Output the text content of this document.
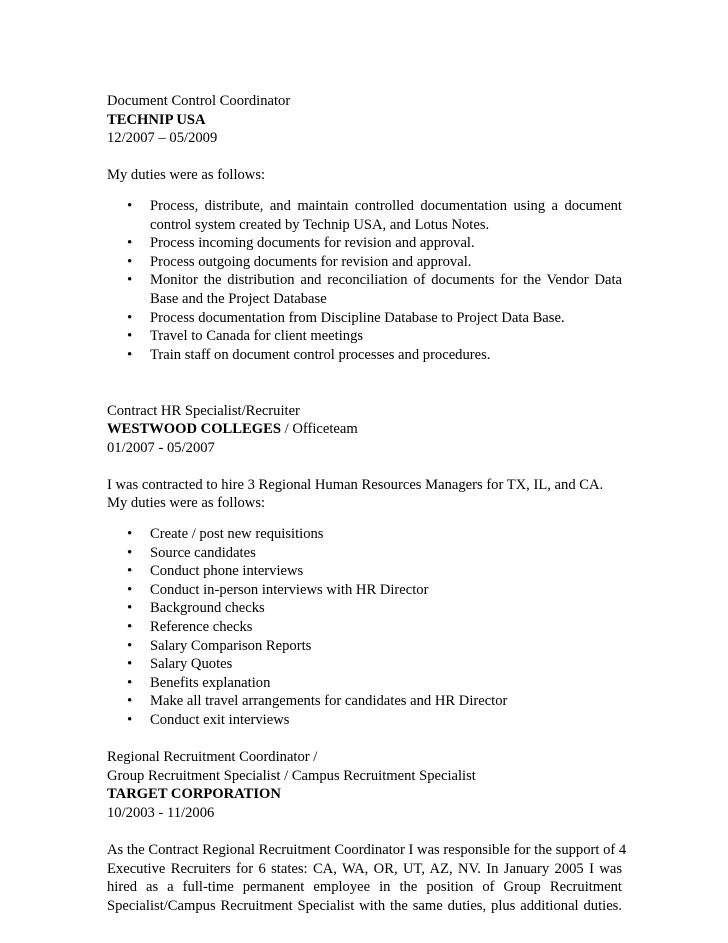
Document Control Coordinator
TECHNIP USA
12/2007 – 05/2009
My duties were as follows:
• Process, distribute, and maintain controlled documentation using a document
control system created by Technip USA, and Lotus Notes.
• Process incoming documents for revision and approval.
• Process outgoing documents for revision and approval.
• Monitor the distribution and reconciliation of documents for the Vendor Data
Base and the Project Database
• Process documentation from Discipline Database to Project Data Base.
• Travel to Canada for client meetings
• Train staff on document control processes and procedures.
Contract HR Specialist/Recruiter
WESTWOOD COLLEGES / Officeteam
01/2007 - 05/2007
I was contracted to hire 3 Regional Human Resources Managers for TX, IL, and CA.
My duties were as follows:
• Create / post new requisitions
• Source candidates
• Conduct phone interviews
• Conduct in-person interviews with HR Director
• Background checks
• Reference checks
• Salary Comparison Reports
• Salary Quotes
• Benefits explanation
• Make all travel arrangements for candidates and HR Director
• Conduct exit interviews
Regional Recruitment Coordinator /
Group Recruitment Specialist / Campus Recruitment Specialist
TARGET CORPORATION
10/2003 - 11/2006
As the Contract Regional Recruitment Coordinator I was responsible for the support of 4
Executive Recruiters for 6 states: CA, WA, OR, UT, AZ, NV. In January 2005 I was
hired as a full-time permanent employee in the position of Group Recruitment
Specialist/Campus Recruitment Specialist with the same duties, plus additional duties.
